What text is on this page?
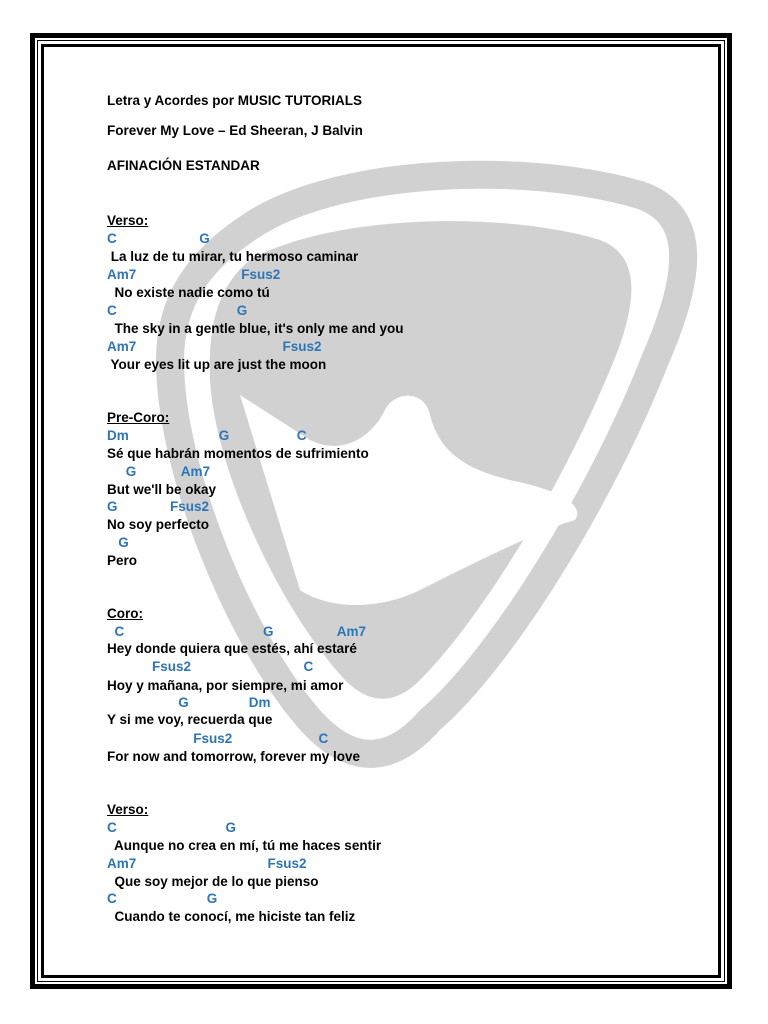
Letra y Acordes por MUSIC TUTORIALS
Forever My Love – Ed Sheeran, J Balvin
AFINACIÓN ESTANDAR
Verso:
C                      G
La luz de tu mirar, tu hermoso caminar
Am7                            Fsus2
No existe nadie como tú
C                                G
The sky in a gentle blue, it's only me and you
Am7                                       Fsus2
Your eyes lit up are just the moon
Pre-Coro:
Dm                        G                  C
Sé que habrán momentos de sufrimiento
G            Am7
But we'll be okay
G              Fsus2
No soy perfecto
G
Pero
Coro:
C                                     G                 Am7
Hey donde quiera que estés, ahí estaré
Fsus2                              C
Hoy y mañana, por siempre, mi amor
G                Dm
Y si me voy, recuerda que
Fsus2                       C
For now and tomorrow, forever my love
Verso:
C                             G
Aunque no crea en mí, tú me haces sentir
Am7                                   Fsus2
Que soy mejor de lo que pienso
C                        G
Cuando te conocí, me hiciste tan feliz
